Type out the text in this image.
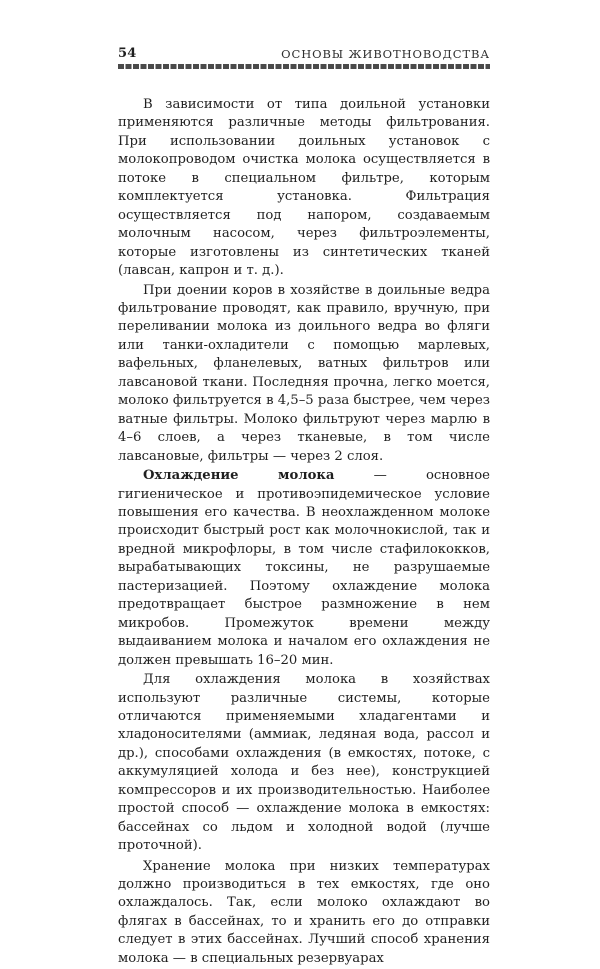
54	ОСНОВЫ ЖИВОТНОВОДСТВА

В зависимости от типа доильной установки применяются различные методы фильтрования. При использовании доильных установок с молокопроводом очистка молока осуществляется в потоке в специальном фильтре, которым комплектуется установка. Фильтрация осуществляется под напором, создаваемым молочным насосом, через фильтроэлементы, которые изготовлены из синтетических тканей (лавсан, капрон и т. д.).

При доении коров в хозяйстве в доильные ведра фильтрование проводят, как правило, вручную, при переливании молока из доильного ведра во фляги или танки-охладители с помощью марлевых, вафельных, фланелевых, ватных фильтров или лавсановой ткани. Последняя прочна, легко моется, молоко фильтруется в 4,5–5 раза быстрее, чем через ватные фильтры. Молоко фильтруют через марлю в 4–6 слоев, а через тканевые, в том числе лавсановые, фильтры — через 2 слоя.

Охлаждение молока — основное гигиеническое и противоэпидемическое условие повышения его качества. В неохлажденном молоке происходит быстрый рост как молочнокислой, так и вредной микрофлоры, в том числе стафилококков, вырабатывающих токсины, не разрушаемые пастеризацией. Поэтому охлаждение молока предотвращает быстрое размножение в нем микробов. Промежуток времени между выдаиванием молока и началом его охлаждения не должен превышать 16–20 мин.

Для охлаждения молока в хозяйствах используют различные системы, которые отличаются применяемыми хладагентами и хладоносителями (аммиак, ледяная вода, рассол и др.), способами охлаждения (в емкостях, потоке, с аккумуляцией холода и без нее), конструкцией компрессоров и их производительностью. Наиболее простой способ — охлаждение молока в емкостях: бассейнах со льдом и холодной водой (лучше проточной).

Хранение молока при низких температурах должно производиться в тех емкостях, где оно охлаждалось. Так, если молоко охлаждают во флягах в бассейнах, то и хранить его до отправки следует в этих бассейнах. Лучший способ хранения молока — в специальных резервуарах
